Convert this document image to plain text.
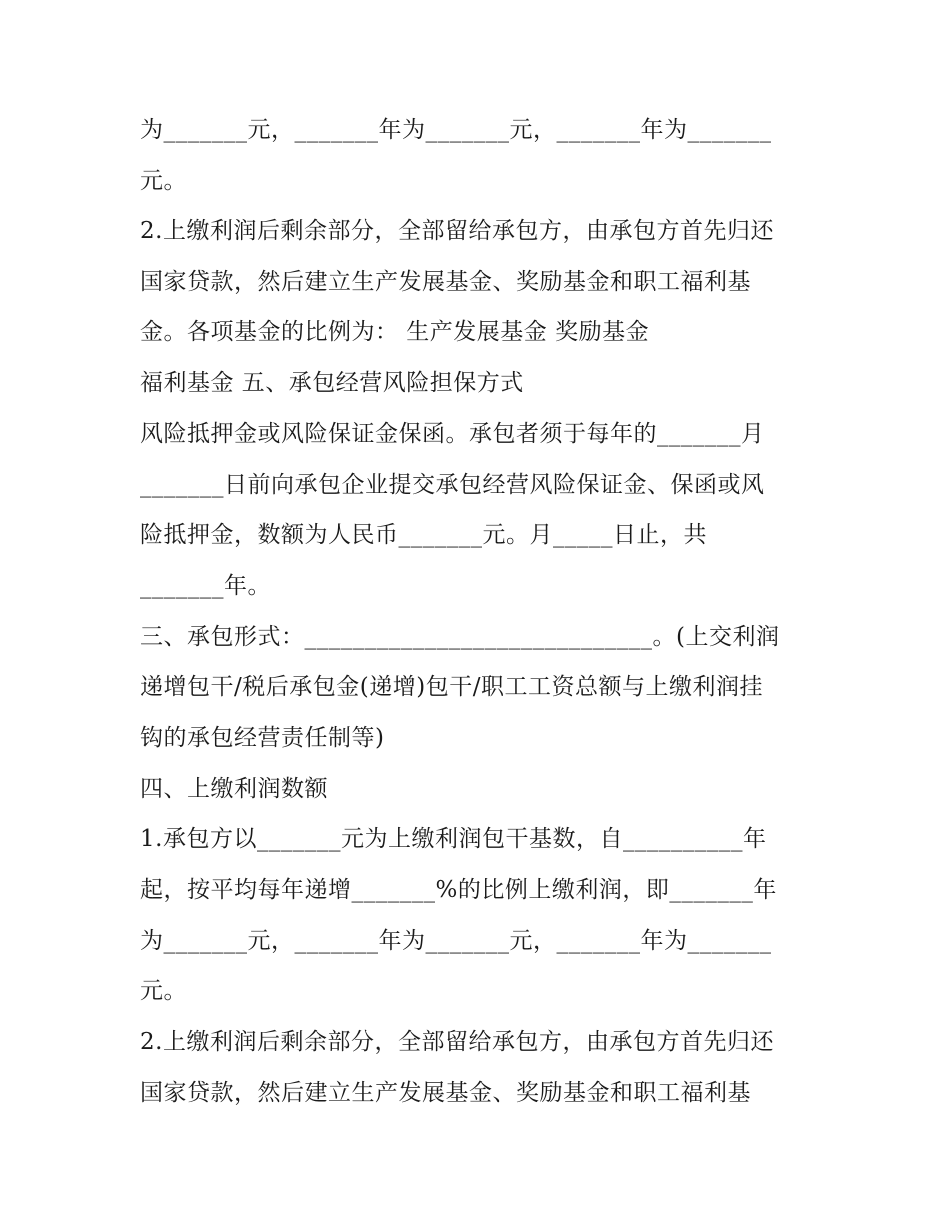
为_______元，_______年为_______元，_______年为_______
元。
2.上缴利润后剩余部分，全部留给承包方，由承包方首先归还
国家贷款，然后建立生产发展基金、奖励基金和职工福利基
金。各项基金的比例为： 生产发展基金 奖励基金
福利基金 五、承包经营风险担保方式
风险抵押金或风险保证金保函。承包者须于每年的_______月
_______日前向承包企业提交承包经营风险保证金、保函或风
险抵押金，数额为人民币_______元。月_____日止，共
_______年。
三、承包形式：_____________________________。(上交利润
递增包干/税后承包金(递增)包干/职工工资总额与上缴利润挂
钩的承包经营责任制等)
四、上缴利润数额
1.承包方以_______元为上缴利润包干基数，自__________年
起，按平均每年递增_______%的比例上缴利润，即_______年
为_______元，_______年为_______元，_______年为_______
元。
2.上缴利润后剩余部分，全部留给承包方，由承包方首先归还
国家贷款，然后建立生产发展基金、奖励基金和职工福利基
